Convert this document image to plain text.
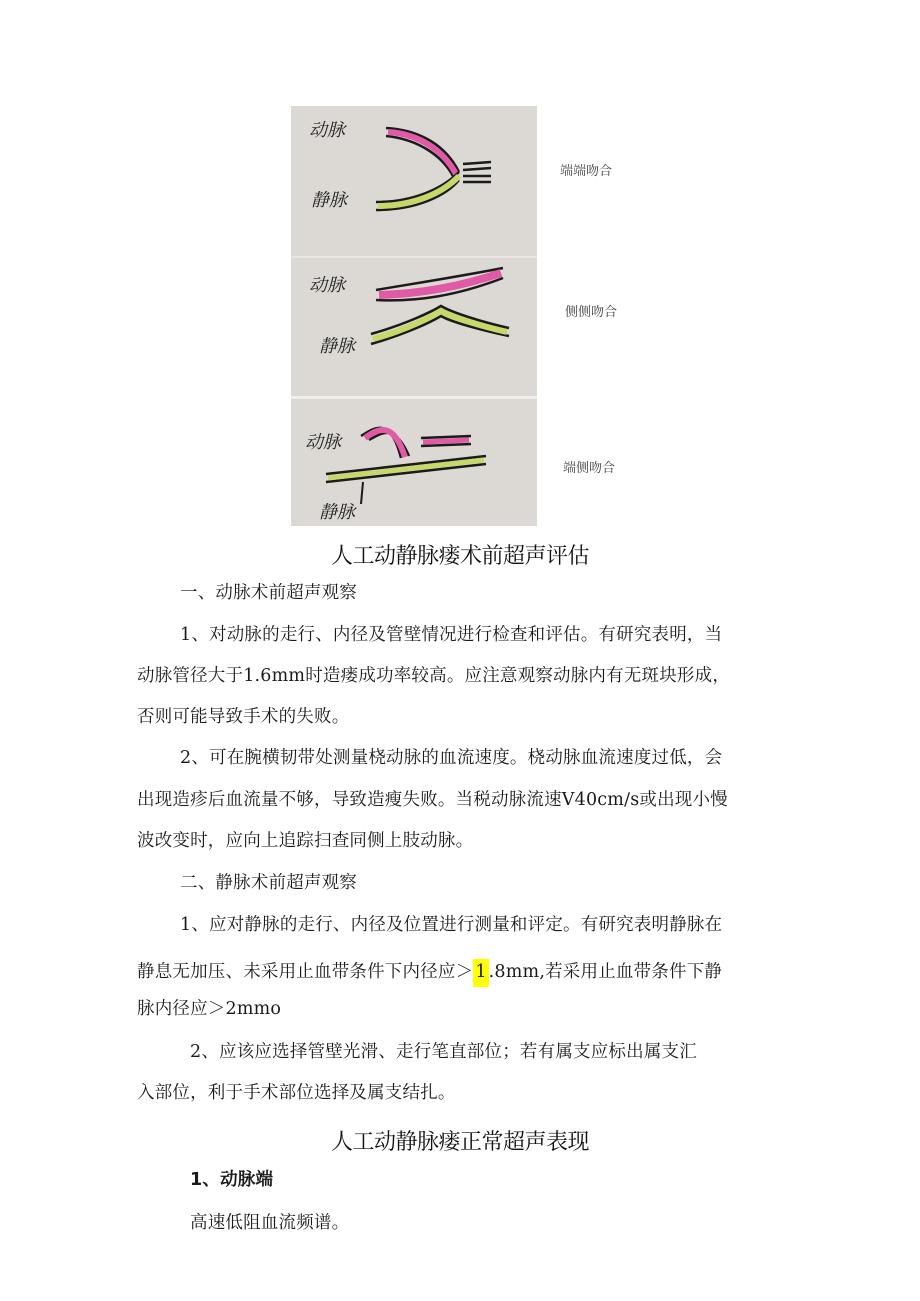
动脉
静脉
动脉
静脉
动脉
静脉
端端吻合
侧侧吻合
端侧吻合
人工动静脉瘘术前超声评估
一、动脉术前超声观察
1、对动脉的走行、内径及管壁情况进行检查和评估。有研究表明，当
动脉管径大于1.6mm时造瘘成功率较高。应注意观察动脉内有无斑块形成，
否则可能导致手术的失败。
2、可在腕横韧带处测量桡动脉的血流速度。桡动脉血流速度过低，会
出现造疹后血流量不够，导致造瘦失败。当税动脉流速V40cm∕s或出现小慢
波改变时，应向上追踪扫查同侧上肢动脉。
二、静脉术前超声观察
1、应对静脉的走行、内径及位置进行测量和评定。有研究表明静脉在
静息无加压、未采用止血带条件下内径应＞ 1 .8mm,若采用止血带条件下静
脉内径应＞2mmo
2、应该应选择管壁光滑、走行笔直部位；若有属支应标出属支汇
入部位，利于手术部位选择及属支结扎。
人工动静脉瘘正常超声表现
1、动脉端
高速低阻血流频谱。
